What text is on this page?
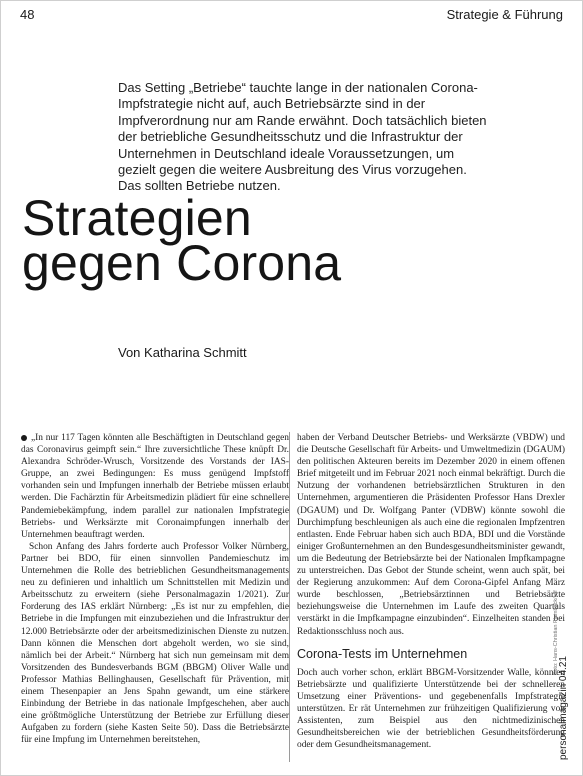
48	Strategie & Führung
Das Setting „Betriebe“ tauchte lange in der nationalen Corona-Impfstrategie nicht auf, auch Betriebsärzte sind in der Impfverordnung nur am Rande erwähnt. Doch tatsächlich bieten der betriebliche Gesundheitsschutz und die Infrastruktur der Unternehmen in Deutschland ideale Voraussetzungen, um gezielt gegen die weitere Ausbreitung des Virus vorzugehen. Das sollten Betriebe nutzen.
Strategien
gegen Corona
Von Katharina Schmitt

„In nur 117 Tagen könnten alle Beschäftigten in Deutschland gegen das Coronavirus geimpft sein.“ Ihre zuversichtliche These knüpft Dr. Alexandra Schröder-Wrusch, Vorsitzende des Vorstands der IAS-Gruppe, an zwei Bedingungen: Es muss genügend Impfstoff vorhanden sein und Impfungen innerhalb der Betriebe müssen erlaubt werden. Die Fachärztin für Arbeitsmedizin plädiert für eine schnellere Pandemiebekämpfung, indem parallel zur nationalen Impfstrategie Betriebs- und Werksärzte mit Coronaimpfungen innerhalb der Unternehmen beauftragt werden.

Schon Anfang des Jahrs forderte auch Professor Volker Nürnberg, Partner bei BDO, für einen sinnvollen Pandemieschutz im Unternehmen die Rolle des betrieblichen Gesundheitsmanagements neu zu definieren und inhaltlich um Schnittstellen mit Medizin und Arbeitsschutz zu erweitern (siehe Personalmagazin 1/2021). Zur Forderung des IAS erklärt Nürnberg: „Es ist nur zu empfehlen, die Betriebe in die Impfungen mit einzubeziehen und die Infrastruktur der 12.000 Betriebsärzte oder der arbeitsmedizinischen Dienste zu nutzen. Dann können die Menschen dort abgeholt werden, wo sie sind, nämlich bei der Arbeit.“ Nürnberg hat sich nun gemeinsam mit dem Vorsitzenden des Bundesverbands BGM (BBGM) Oliver Walle und Professor Mathias Bellinghausen, Gesellschaft für Prävention, mit einem Thesenpapier an Jens Spahn gewandt, um eine stärkere Einbindung der Betriebe in das nationale Impfgeschehen, aber auch eine größtmögliche Unterstützung der Betriebe zur Erfüllung dieser Aufgaben zu fordern (siehe Kasten Seite 50). Dass die Betriebsärzte für eine Impfung im Unternehmen bereitstehen,

haben der Verband Deutscher Betriebs- und Werksärzte (VBDW) und die Deutsche Gesellschaft für Arbeits- und Umweltmedizin (DGAUM) den politischen Akteuren bereits im Dezember 2020 in einem offenen Brief mitgeteilt und im Februar 2021 noch einmal bekräftigt. Durch die Nutzung der vorhandenen betriebsärztlichen Strukturen in den Unternehmen, argumentieren die Präsidenten Professor Hans Drexler (DGAUM) und Dr. Wolfgang Panter (VDBW) könnte sowohl die Durchimpfung beschleunigen als auch eine die regionalen Impfzentren entlasten. Ende Februar haben sich auch BDA, BDI und die Vorstände einiger Großunternehmen an den Bundesgesundheitsminister gewandt, um die Bedeutung der Betriebsärzte bei der Nationalen Impfkampagne zu unterstreichen. Das Gebot der Stunde scheint, wenn auch spät, bei der Regierung anzukommen: Auf dem Corona-Gipfel Anfang März wurde beschlossen, „Betriebsärztinnen und Betriebsärzte beziehungsweise die Unternehmen im Laufe des zweiten Quartals verstärkt in die Impfkampagne einzubinden“. Einzelheiten standen bei Redaktionsschluss noch aus.

Corona-Tests im Unternehmen

Doch auch vorher schon, erklärt BBGM-Vorsitzender Walle, könnten Betriebsärzte und qualifizierte Unterstützende bei der schnelleren Umsetzung einer Präventions- und gegebenenfalls Impfstrategie unterstützen. Er rät Unternehmen zur frühzeitigen Qualifizierung von Assistenten, zum Beispiel aus den nichtmedizinischen Gesundheitsbereichen wie der betrieblichen Gesundheitsförderung oder dem Gesundheitsmanagement.

Foto: Hans-Christian Plambeck/laif
personalmagazin 04.21
